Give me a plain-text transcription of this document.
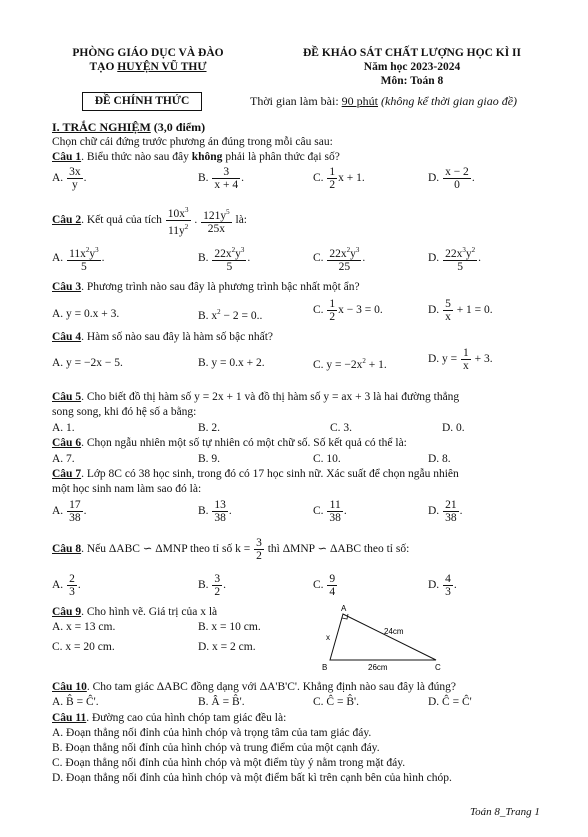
PHÒNG GIÁO DỤC VÀ ĐÀO
TẠO HUYỆN VŨ THƯ
ĐỀ CHÍNH THỨC
ĐỀ KHẢO SÁT CHẤT LƯỢNG HỌC KÌ II
Năm học 2023-2024
Môn: Toán 8
Thời gian làm bài: 90 phút (không kể thời gian giao đề)
I. TRẮC NGHIỆM (3,0 điểm)
Chọn chữ cái đứng trước phương án đúng trong mỗi câu sau:
Câu 1. Biểu thức nào sau đây không phải là phân thức đại số?
A. $\frac{3x}{y}$ .	B. $\frac{3}{x + 4}$ .	C. $\frac{1}{2}$ x + 1.	D. $\frac{x - 2}{0}$ .
Câu 2. Kết quả của tích $\frac{10x^3}{11y^2}$ . $\frac{121y^5}{25x}$ là:
A. $\frac{11x^2y^3}{5}$ .	B. $\frac{22x^2y^3}{5}$ .	C. $\frac{22x^2y^3}{25}$ .	D. $\frac{22x^3y^2}{5}$ .
Câu 3. Phương trình nào sau đây là phương trình bậc nhất một ẩn?
A. y = 0.x + 3.	B. $x^2 - 2 = 0$..	C. $\frac{1}{2}$ x − 3 = 0.	D. $\frac{5}{x} + 1 = 0$.
Câu 4. Hàm số nào sau đây là hàm số bậc nhất?
A. y = −2x − 5.	B. y = 0.x + 2.	C. $y = -2x^2 + 1$.	D. $y = \frac{1}{x} + 3$.
Câu 5. Cho biết đồ thị hàm số y = 2x + 1 và đồ thị hàm số y = ax + 3 là hai đường thẳng
song song, khi đó hệ số a bằng:
A. 1.	B. 2.	C. 3.	D. 0.
Câu 6. Chọn ngẫu nhiên một số tự nhiên có một chữ số. Số kết quả có thể là:
A. 7.	B. 9.	C. 10.	D. 8.
Câu 7. Lớp 8C có 38 học sinh, trong đó có 17 học sinh nữ. Xác suất để chọn ngẫu nhiên
một học sinh nam làm sao đó là:
A. $\frac{17}{38}$ .	B. $\frac{13}{38}$ .	C. $\frac{11}{38}$ .	D. $\frac{21}{38}$ .
Câu 8. Nếu ΔABC ∽ ΔMNP theo tỉ số $k = \frac{3}{2}$ thì ΔMNP ∽ ΔABC theo tỉ số:
A. $\frac{2}{3}$ .	B. $\frac{3}{2}$ .	C. $\frac{9}{4}$	D. $\frac{4}{3}$ .
Câu 9. Cho hình vẽ. Giá trị của x là
A. x = 13 cm.	B. x = 10 cm.
C. x = 20 cm.	D. x = 2 cm.
A
B	C
x
24cm
26cm
Câu 10. Cho tam giác ΔABC đồng dạng với ΔA'B'C'. Khẳng định nào sau đây là đúng?
A. B̂ = Ĉ'.	B. Â = B̂'.	C. Ĉ = B̂'.	D. Ĉ = Ĉ'
Câu 11. Đường cao của hình chóp tam giác đều là:
A. Đoạn thẳng nối đỉnh của hình chóp và trọng tâm của tam giác đáy.
B. Đoạn thẳng nối đỉnh của hình chóp và trung điểm của một cạnh đáy.
C. Đoạn thẳng nối đỉnh của hình chóp và một điểm tùy ý nằm trong mặt đáy.
D. Đoạn thẳng nối đỉnh của hình chóp và một điểm bất kì trên cạnh bên của hình chóp.
Toán 8_Trang 1
